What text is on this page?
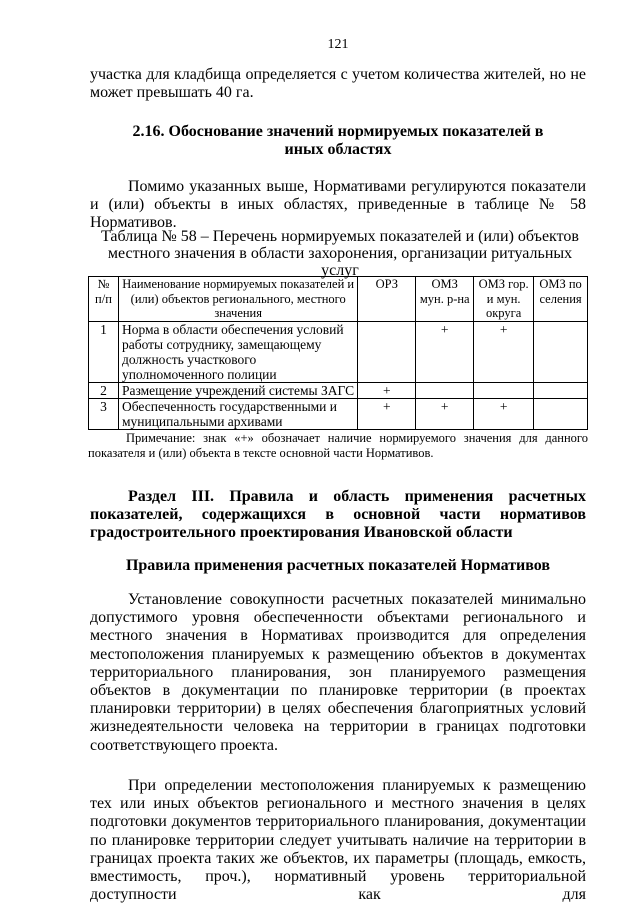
121

участка для кладбища определяется с учетом количества жителей, но не может превышать 40 га.

2.16. Обоснование значений нормируемых показателей в иных областях

Помимо указанных выше, Нормативами регулируются показатели и (или) объекты в иных областях, приведенные в таблице № 58 Нормативов.

Таблица № 58 – Перечень нормируемых показателей и (или) объектов местного значения в области захоронения, организации ритуальных услуг
№ п/п	Наименование нормируемых показателей и (или) объектов регионального, местного значения	ОРЗ	ОМЗ мун. р-на	ОМЗ гор. и мун. округа	ОМЗ поселения
1	Норма в области обеспечения условий работы сотруднику, замещающему должность участкового уполномоченного полиции		+	+	
2	Размещение учреждений системы ЗАГС	+			
3	Обеспеченность государственными и муниципальными архивами	+	+	+	

Примечание: знак «+» обозначает наличие нормируемого значения для данного показателя и (или) объекта в тексте основной части Нормативов.

Раздел III. Правила и область применения расчетных показателей, содержащихся в основной части нормативов градостроительного проектирования Ивановской области
Правила применения расчетных показателей Нормативов

Установление совокупности расчетных показателей минимально допустимого уровня обеспеченности объектами регионального и местного значения в Нормативах производится для определения местоположения планируемых к размещению объектов в документах территориального планирования, зон планируемого размещения объектов в документации по планировке территории (в проектах планировки территории) в целях обеспечения благоприятных условий жизнедеятельности человека на территории в границах подготовки соответствующего проекта.

При определении местоположения планируемых к размещению тех или иных объектов регионального и местного значения в целях подготовки документов территориального планирования, документации по планировке территории следует учитывать наличие на территории в границах проекта таких же объектов, их параметры (площадь, емкость, вместимость, проч.), нормативный уровень территориальной доступности как для
